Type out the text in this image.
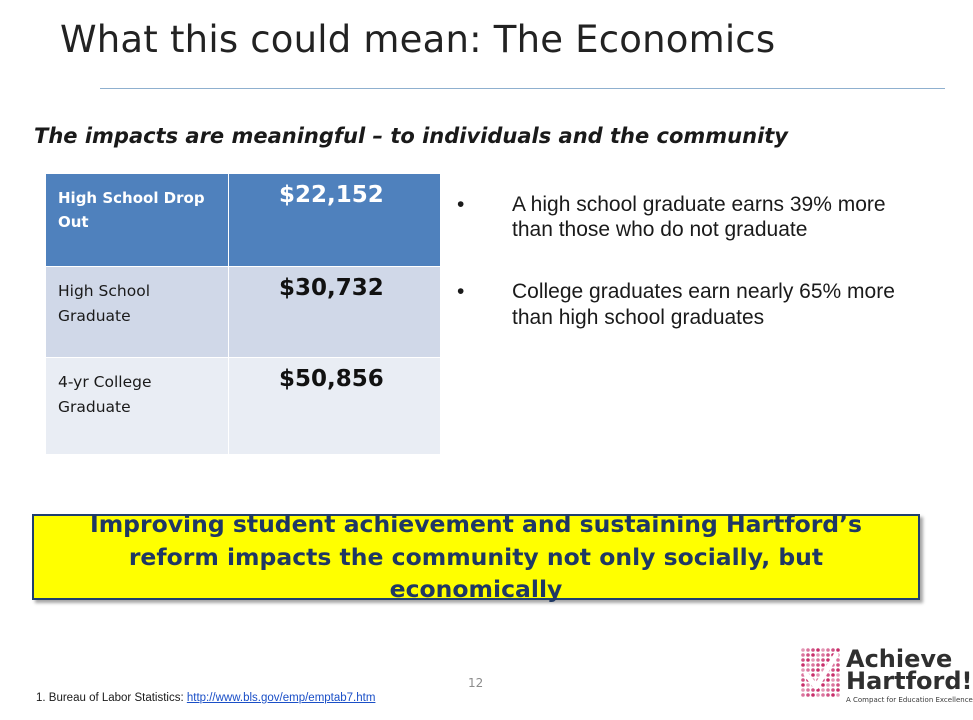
What this could mean: The Economics
The impacts are meaningful – to individuals and the community
High School Drop Out
$22,152
High School Graduate
$30,732
4-yr College Graduate
$50,856
•	A high school graduate earns 39% more than those who do not graduate
•	College graduates earn nearly 65% more than high school graduates
Improving student achievement and sustaining Hartford’s reform impacts the community not only socially, but economically
12
1. Bureau of Labor Statistics: http://www.bls.gov/emp/emptab7.htm
Achieve
Hartford!
A Compact for Education Excellence
